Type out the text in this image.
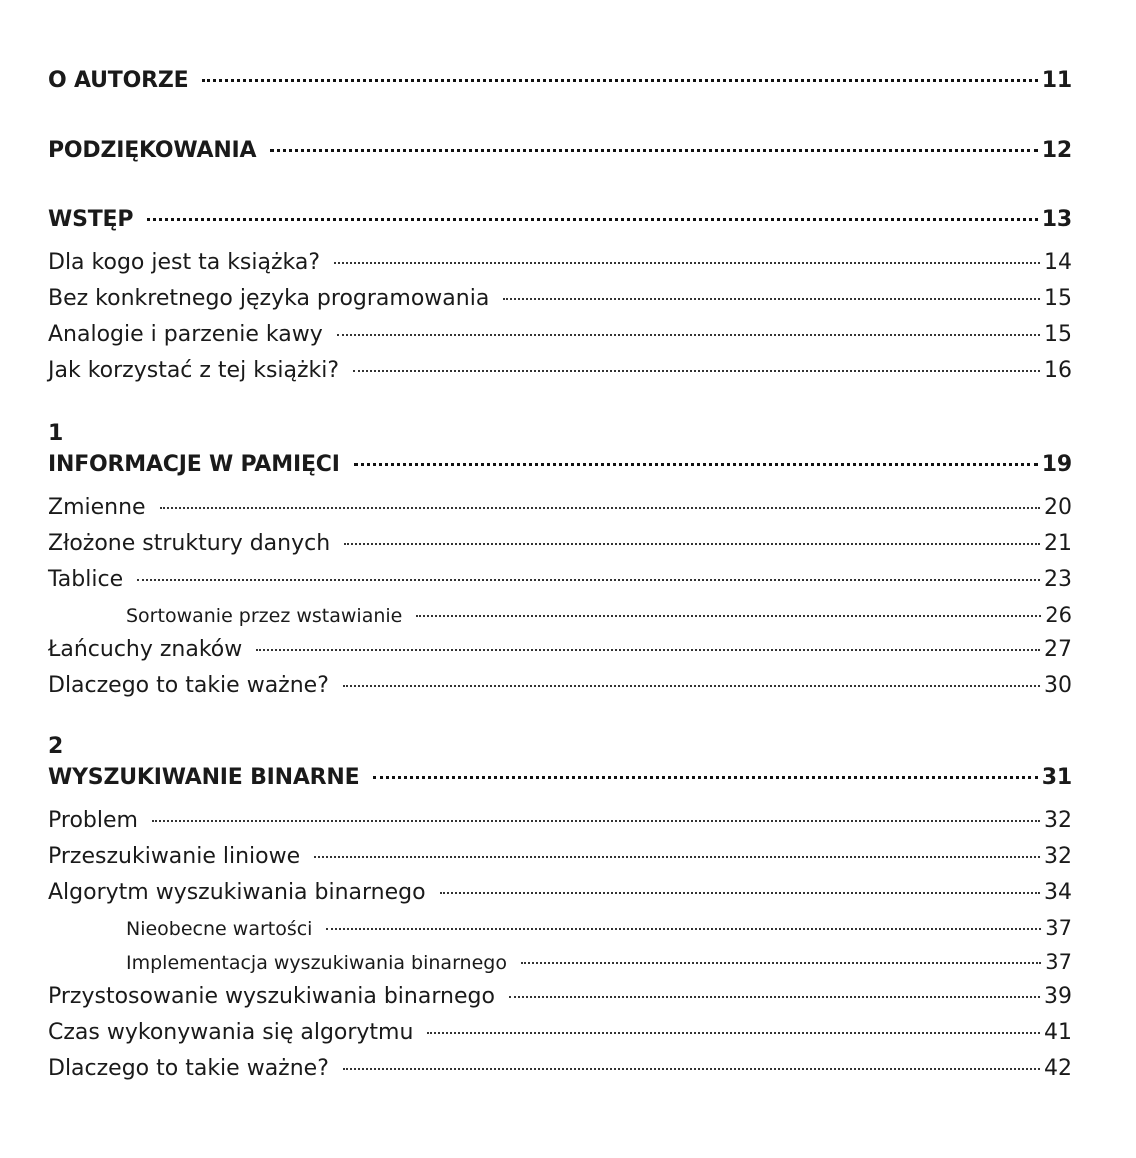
O AUTORZE	11
PODZIĘKOWANIA	12
WSTĘP	13
Dla kogo jest ta książka?	14
Bez konkretnego języka programowania	15
Analogie i parzenie kawy	15
Jak korzystać z tej książki?	16
1
INFORMACJE W PAMIĘCI	19
Zmienne	20
Złożone struktury danych	21
Tablice	23
Sortowanie przez wstawianie	26
Łańcuchy znaków	27
Dlaczego to takie ważne?	30
2
WYSZUKIWANIE BINARNE	31
Problem	32
Przeszukiwanie liniowe	32
Algorytm wyszukiwania binarnego	34
Nieobecne wartości	37
Implementacja wyszukiwania binarnego	37
Przystosowanie wyszukiwania binarnego	39
Czas wykonywania się algorytmu	41
Dlaczego to takie ważne?	42
